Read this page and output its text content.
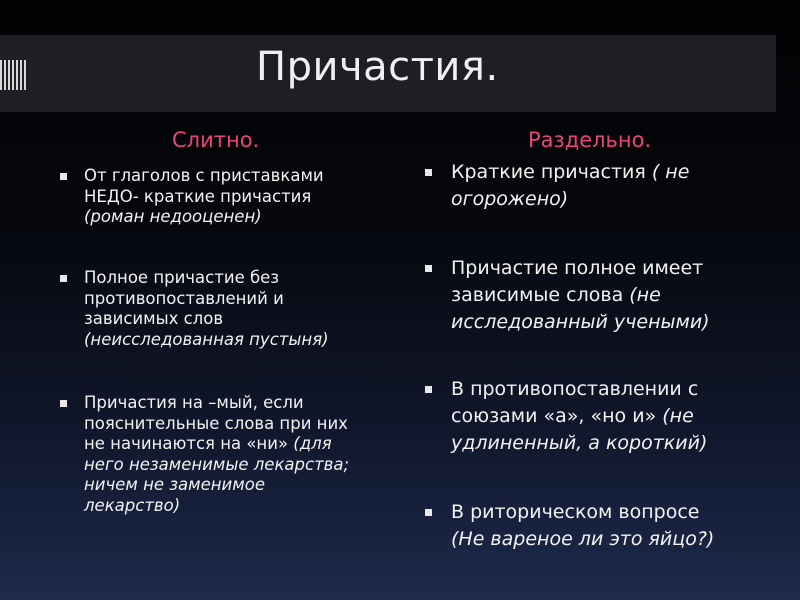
Причастия.
Слитно.	Раздельно.

От глаголов с приставками

НЕДО- краткие причастия

(роман недооценен)

Полное причастие без

противопоставлений и

зависимых слов

(неисследованная пустыня)

Причастия на –мый, если

пояснительные слова при них

не начинаются на «ни» (для

него незаменимые лекарства;

ничем не заменимое

лекарство)

Краткие причастия ( не

огорожено)

Причастие полное имеет

зависимые слова (не

исследованный учеными)

В противопоставлении с

союзами «а», «но и» (не

удлиненный, а короткий)

В риторическом вопросе

(Не вареное ли это яйцо?)
